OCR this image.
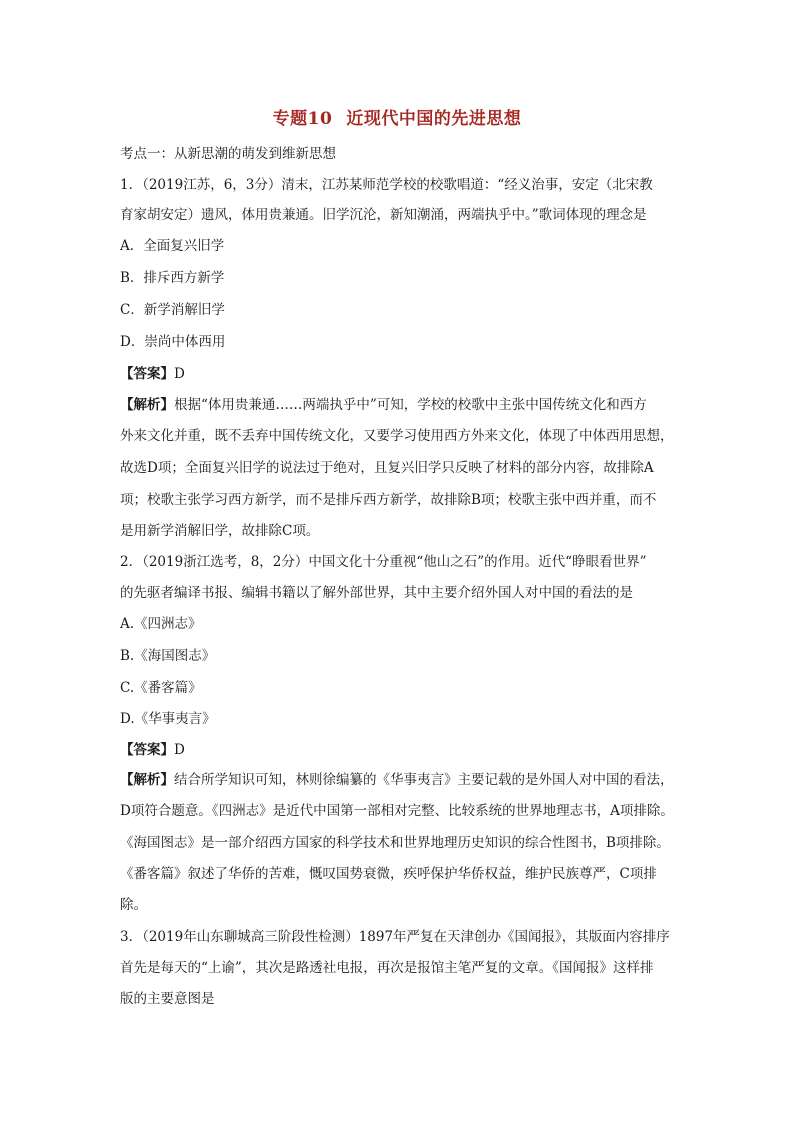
专题10 近现代中国的先进思想
考点一：从新思潮的萌发到维新思想
1．（2019江苏，6，3分）清末，江苏某师范学校的校歌唱道：“经义治事，安定（北宋教
育家胡安定）遗风，体用贵兼通。旧学沉沦，新知潮涌，两端执乎中。”歌词体现的理念是
A．全面复兴旧学
B．排斥西方新学
C．新学消解旧学
D．崇尚中体西用
【答案】D
【解析】根据“体用贵兼通……两端执乎中”可知，学校的校歌中主张中国传统文化和西方
外来文化并重，既不丢弃中国传统文化，又要学习使用西方外来文化，体现了中体西用思想，
故选D项；全面复兴旧学的说法过于绝对，且复兴旧学只反映了材料的部分内容，故排除A
项；校歌主张学习西方新学，而不是排斥西方新学，故排除B项；校歌主张中西并重，而不
是用新学消解旧学，故排除C项。
2．（2019浙江选考，8，2分）中国文化十分重视“他山之石”的作用。近代“睁眼看世界”
的先驱者编译书报、编辑书籍以了解外部世界，其中主要介绍外国人对中国的看法的是
A.《四洲志》
B.《海国图志》
C.《番客篇》
D.《华事夷言》
【答案】D
【解析】结合所学知识可知，林则徐编纂的《华事夷言》主要记载的是外国人对中国的看法，
D项符合题意。《四洲志》是近代中国第一部相对完整、比较系统的世界地理志书，A项排除。
《海国图志》是一部介绍西方国家的科学技术和世界地理历史知识的综合性图书，B项排除。
《番客篇》叙述了华侨的苦难，慨叹国势衰微，疾呼保护华侨权益，维护民族尊严，C项排
除。
3．（2019年山东聊城高三阶段性检测）1897年严复在天津创办《国闻报》，其版面内容排序
首先是每天的“上谕”，其次是路透社电报，再次是报馆主笔严复的文章。《国闻报》这样排
版的主要意图是
